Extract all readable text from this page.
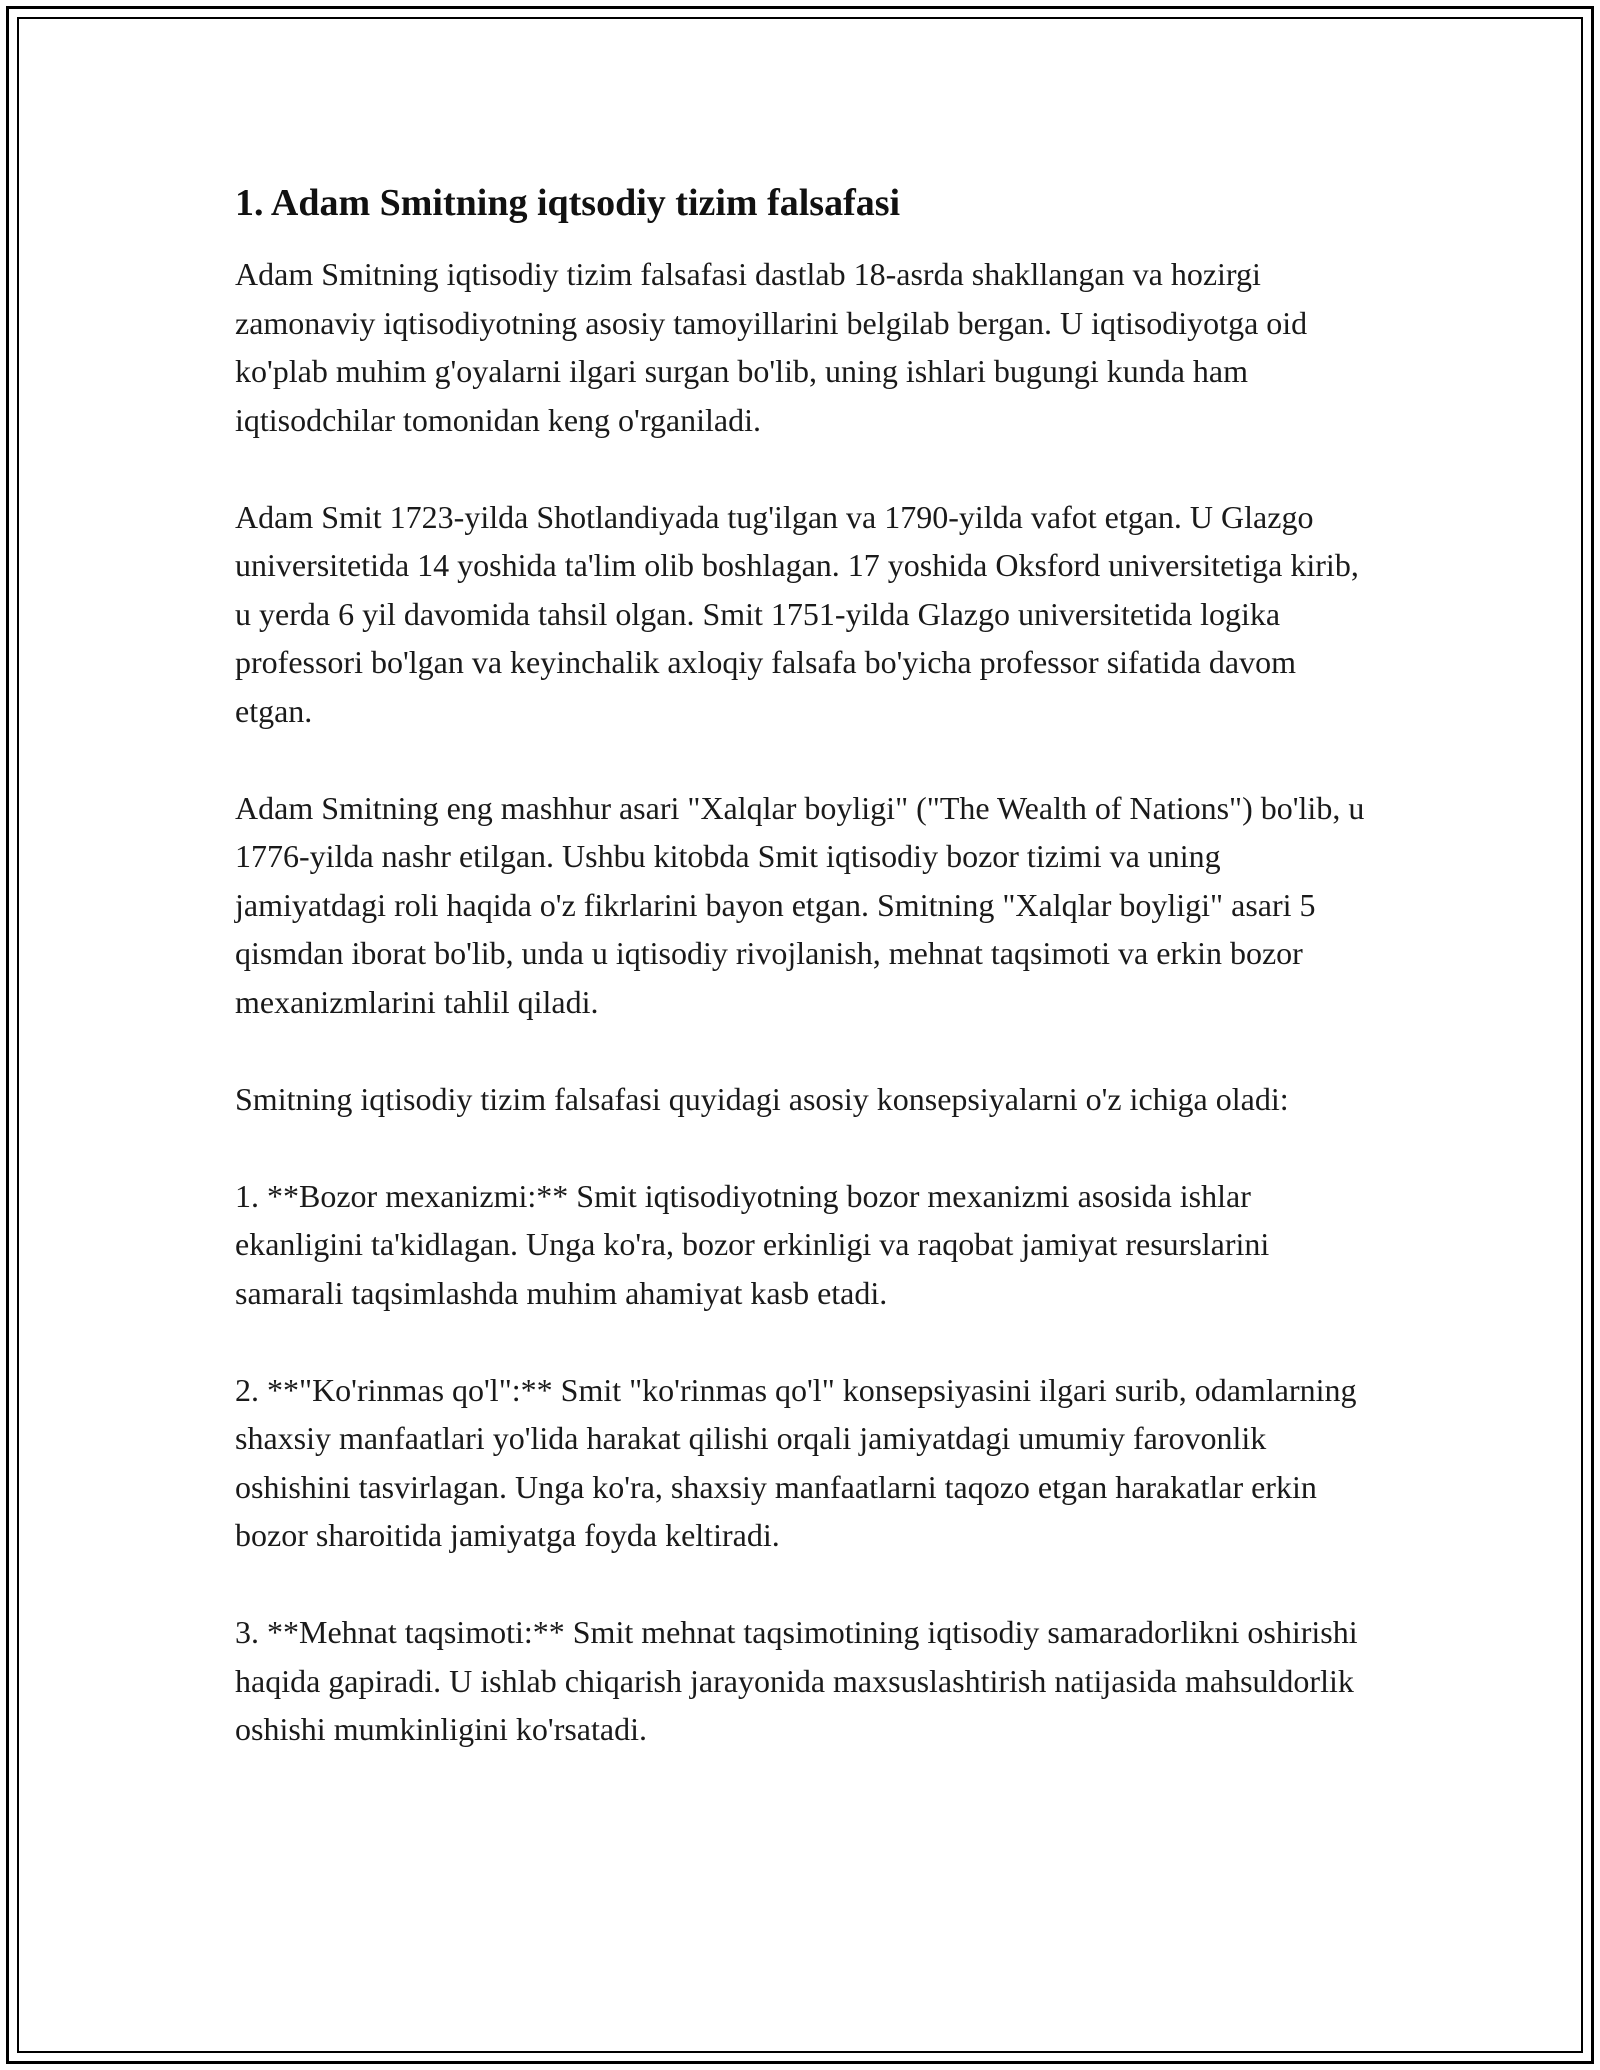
1. Adam Smitning iqtsodiy tizim falsafasi

Adam Smitning iqtisodiy tizim falsafasi dastlab 18-asrda shakllangan va hozirgi zamonaviy iqtisodiyotning asosiy tamoyillarini belgilab bergan. U iqtisodiyotga oid ko'plab muhim g'oyalarni ilgari surgan bo'lib, uning ishlari bugungi kunda ham iqtisodchilar tomonidan keng o'rganiladi.

Adam Smit 1723-yilda Shotlandiyada tug'ilgan va 1790-yilda vafot etgan. U Glazgo universitetida 14 yoshida ta'lim olib boshlagan. 17 yoshida Oksford universitetiga kirib, u yerda 6 yil davomida tahsil olgan. Smit 1751-yilda Glazgo universitetida logika professori bo'lgan va keyinchalik axloqiy falsafa bo'yicha professor sifatida davom etgan.

Adam Smitning eng mashhur asari "Xalqlar boyligi" ("The Wealth of Nations") bo'lib, u 1776-yilda nashr etilgan. Ushbu kitobda Smit iqtisodiy bozor tizimi va uning jamiyatdagi roli haqida o'z fikrlarini bayon etgan. Smitning "Xalqlar boyligi" asari 5 qismdan iborat bo'lib, unda u iqtisodiy rivojlanish, mehnat taqsimoti va erkin bozor mexanizmlarini tahlil qiladi.

Smitning iqtisodiy tizim falsafasi quyidagi asosiy konsepsiyalarni o'z ichiga oladi:

1. **Bozor mexanizmi:** Smit iqtisodiyotning bozor mexanizmi asosida ishlar ekanligini ta'kidlagan. Unga ko'ra, bozor erkinligi va raqobat jamiyat resurslarini samarali taqsimlashda muhim ahamiyat kasb etadi.

2. **"Ko'rinmas qo'l":** Smit "ko'rinmas qo'l" konsepsiyasini ilgari surib, odamlarning shaxsiy manfaatlari yo'lida harakat qilishi orqali jamiyatdagi umumiy farovonlik oshishini tasvirlagan. Unga ko'ra, shaxsiy manfaatlarni taqozo etgan harakatlar erkin bozor sharoitida jamiyatga foyda keltiradi.

3. **Mehnat taqsimoti:** Smit mehnat taqsimotining iqtisodiy samaradorlikni oshirishi haqida gapiradi. U ishlab chiqarish jarayonida maxsuslashtirish natijasida mahsuldorlik oshishi mumkinligini ko'rsatadi.
